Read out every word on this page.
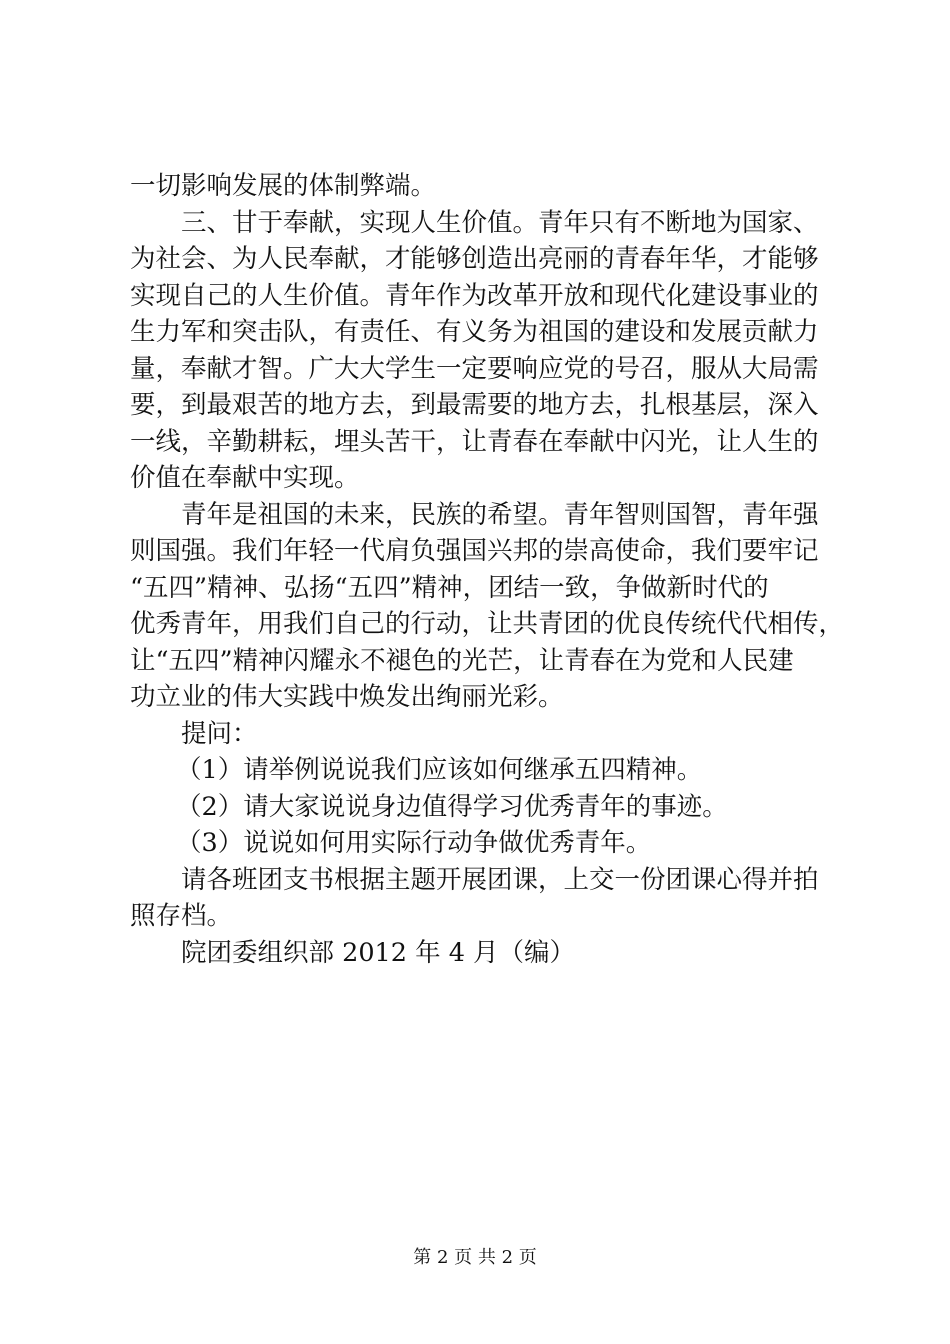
一切影响发展的体制弊端。

三、甘于奉献，实现人生价值。青年只有不断地为国家、

为社会、为人民奉献，才能够创造出亮丽的青春年华，才能够

实现自己的人生价值。青年作为改革开放和现代化建设事业的

生力军和突击队，有责任、有义务为祖国的建设和发展贡献力

量，奉献才智。广大大学生一定要响应党的号召，服从大局需

要，到最艰苦的地方去，到最需要的地方去，扎根基层，深入

一线，辛勤耕耘，埋头苦干，让青春在奉献中闪光，让人生的

价值在奉献中实现。

青年是祖国的未来，民族的希望。青年智则国智，青年强

则国强。我们年轻一代肩负强国兴邦的崇高使命，我们要牢记

“五四”精神、弘扬“五四”精神，团结一致，争做新时代的

优秀青年，用我们自己的行动，让共青团的优良传统代代相传，

让“五四”精神闪耀永不褪色的光芒，让青春在为党和人民建

功立业的伟大实践中焕发出绚丽光彩。

提问：

（1）请举例说说我们应该如何继承五四精神。

（2）请大家说说身边值得学习优秀青年的事迹。

（3）说说如何用实际行动争做优秀青年。

请各班团支书根据主题开展团课，上交一份团课心得并拍

照存档。

院团委组织部 2012 年 4 月（编）

第 2 页 共 2 页
